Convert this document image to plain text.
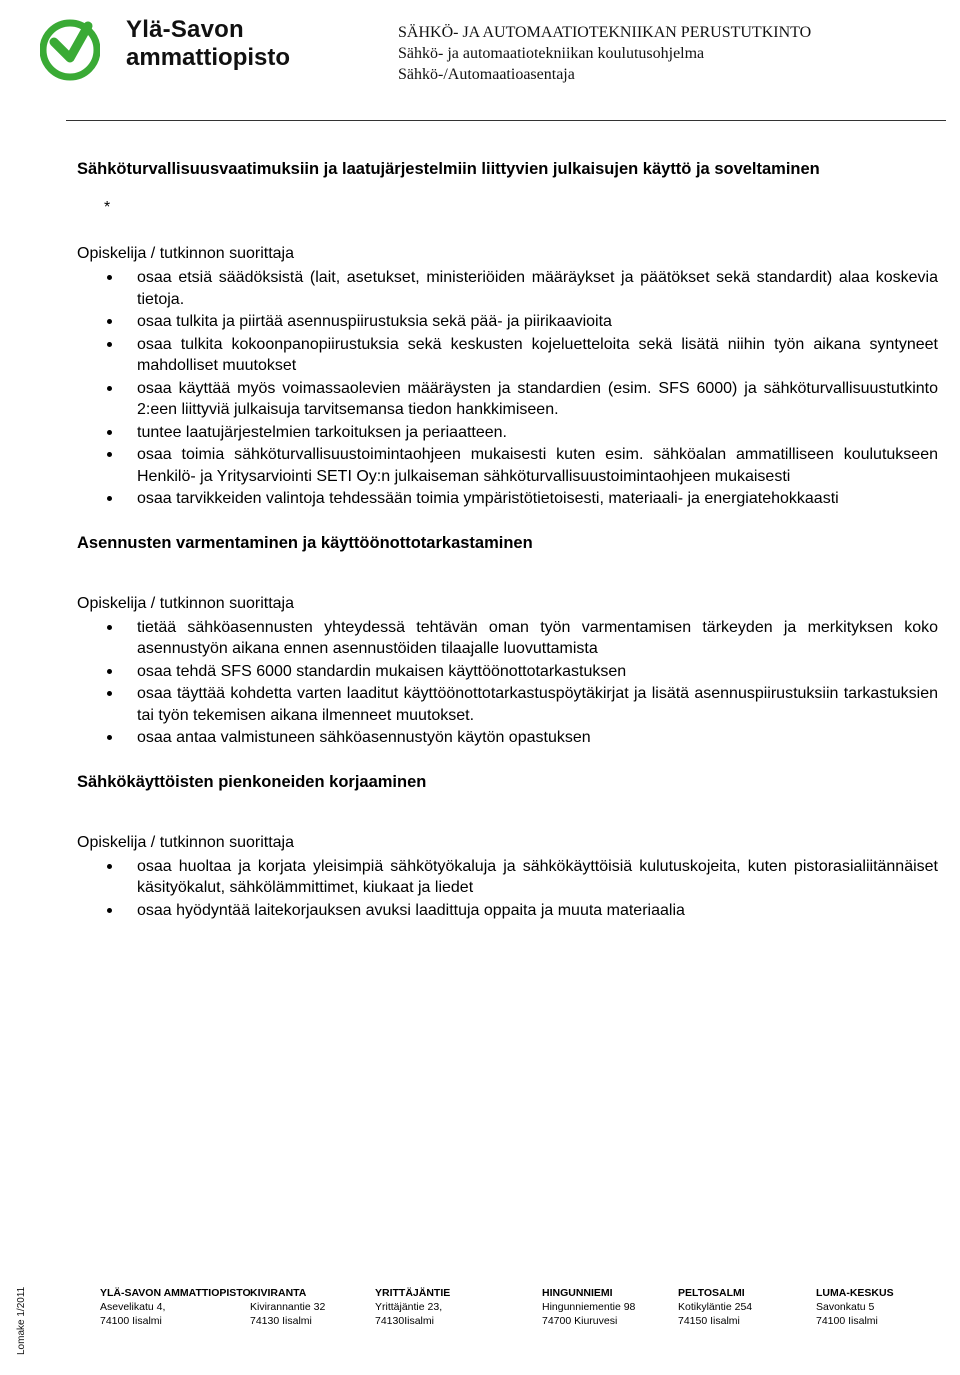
Ylä-Savon
ammattiopisto
SÄHKÖ- JA AUTOMAATIOTEKNIIKAN PERUSTUTKINTO
Sähkö- ja automaatiotekniikan koulutusohjelma
Sähkö-/Automaatioasentaja

Sähköturvallisuusvaatimuksiin ja laatujärjestelmiin liittyvien julkaisujen käyttö ja soveltaminen

*
Opiskelija / tutkinnon suorittaja
osaa etsiä säädöksistä (lait, asetukset, ministeriöiden määräykset ja päätökset sekä standardit) alaa koskevia tietoja.
osaa tulkita ja piirtää asennuspiirustuksia sekä pää- ja piirikaavioita
osaa tulkita kokoonpanopiirustuksia sekä keskusten kojeluetteloita sekä lisätä niihin työn aikana syntyneet mahdolliset muutokset
osaa käyttää myös voimassaolevien määräysten ja standardien (esim. SFS 6000) ja sähköturvallisuustutkinto 2:een liittyviä julkaisuja tarvitsemansa tiedon hankkimiseen.
tuntee laatujärjestelmien tarkoituksen ja periaatteen.
osaa toimia sähköturvallisuustoimintaohjeen mukaisesti kuten esim. sähköalan ammatilliseen koulutukseen Henkilö- ja Yritysarviointi SETI Oy:n julkaiseman sähköturvallisuustoimintaohjeen mukaisesti
osaa tarvikkeiden valintoja tehdessään toimia ympäristötietoisesti, materiaali- ja energiatehokkaasti

Asennusten varmentaminen ja käyttöönottotarkastaminen

Opiskelija / tutkinnon suorittaja
tietää sähköasennusten yhteydessä tehtävän oman työn varmentamisen tärkeyden ja merkityksen koko asennustyön aikana ennen asennustöiden tilaajalle luovuttamista
osaa tehdä SFS 6000 standardin mukaisen käyttöönottotarkastuksen
osaa täyttää kohdetta varten laaditut käyttöönottotarkastuspöytäkirjat ja lisätä asennuspiirustuksiin tarkastuksien tai työn tekemisen aikana ilmenneet muutokset.
osaa antaa valmistuneen sähköasennustyön käytön opastuksen

Sähkökäyttöisten pienkoneiden korjaaminen

Opiskelija / tutkinnon suorittaja
osaa huoltaa ja korjata yleisimpiä sähkötyökaluja ja sähkökäyttöisiä kulutuskojeita, kuten pistorasialiitännäiset käsityökalut, sähkölämmittimet, kiukaat ja liedet
osaa hyödyntää laitekorjauksen avuksi laadittuja oppaita ja muuta materiaalia
Lomake 1/2011	YLÄ-SAVON AMMATTIOPISTO
Asevelikatu 4,
74100 Iisalmi
KIVIRANTA
Kivirannantie 32
74130 Iisalmi
YRITTÄJÄNTIE
Yrittäjäntie 23,
74130Iisalmi
HINGUNNIEMI
Hingunniementie 98
74700 Kiuruvesi
PELTOSALMI
Kotikyläntie 254
74150 Iisalmi
LUMA-KESKUS
Savonkatu 5
74100 Iisalmi
